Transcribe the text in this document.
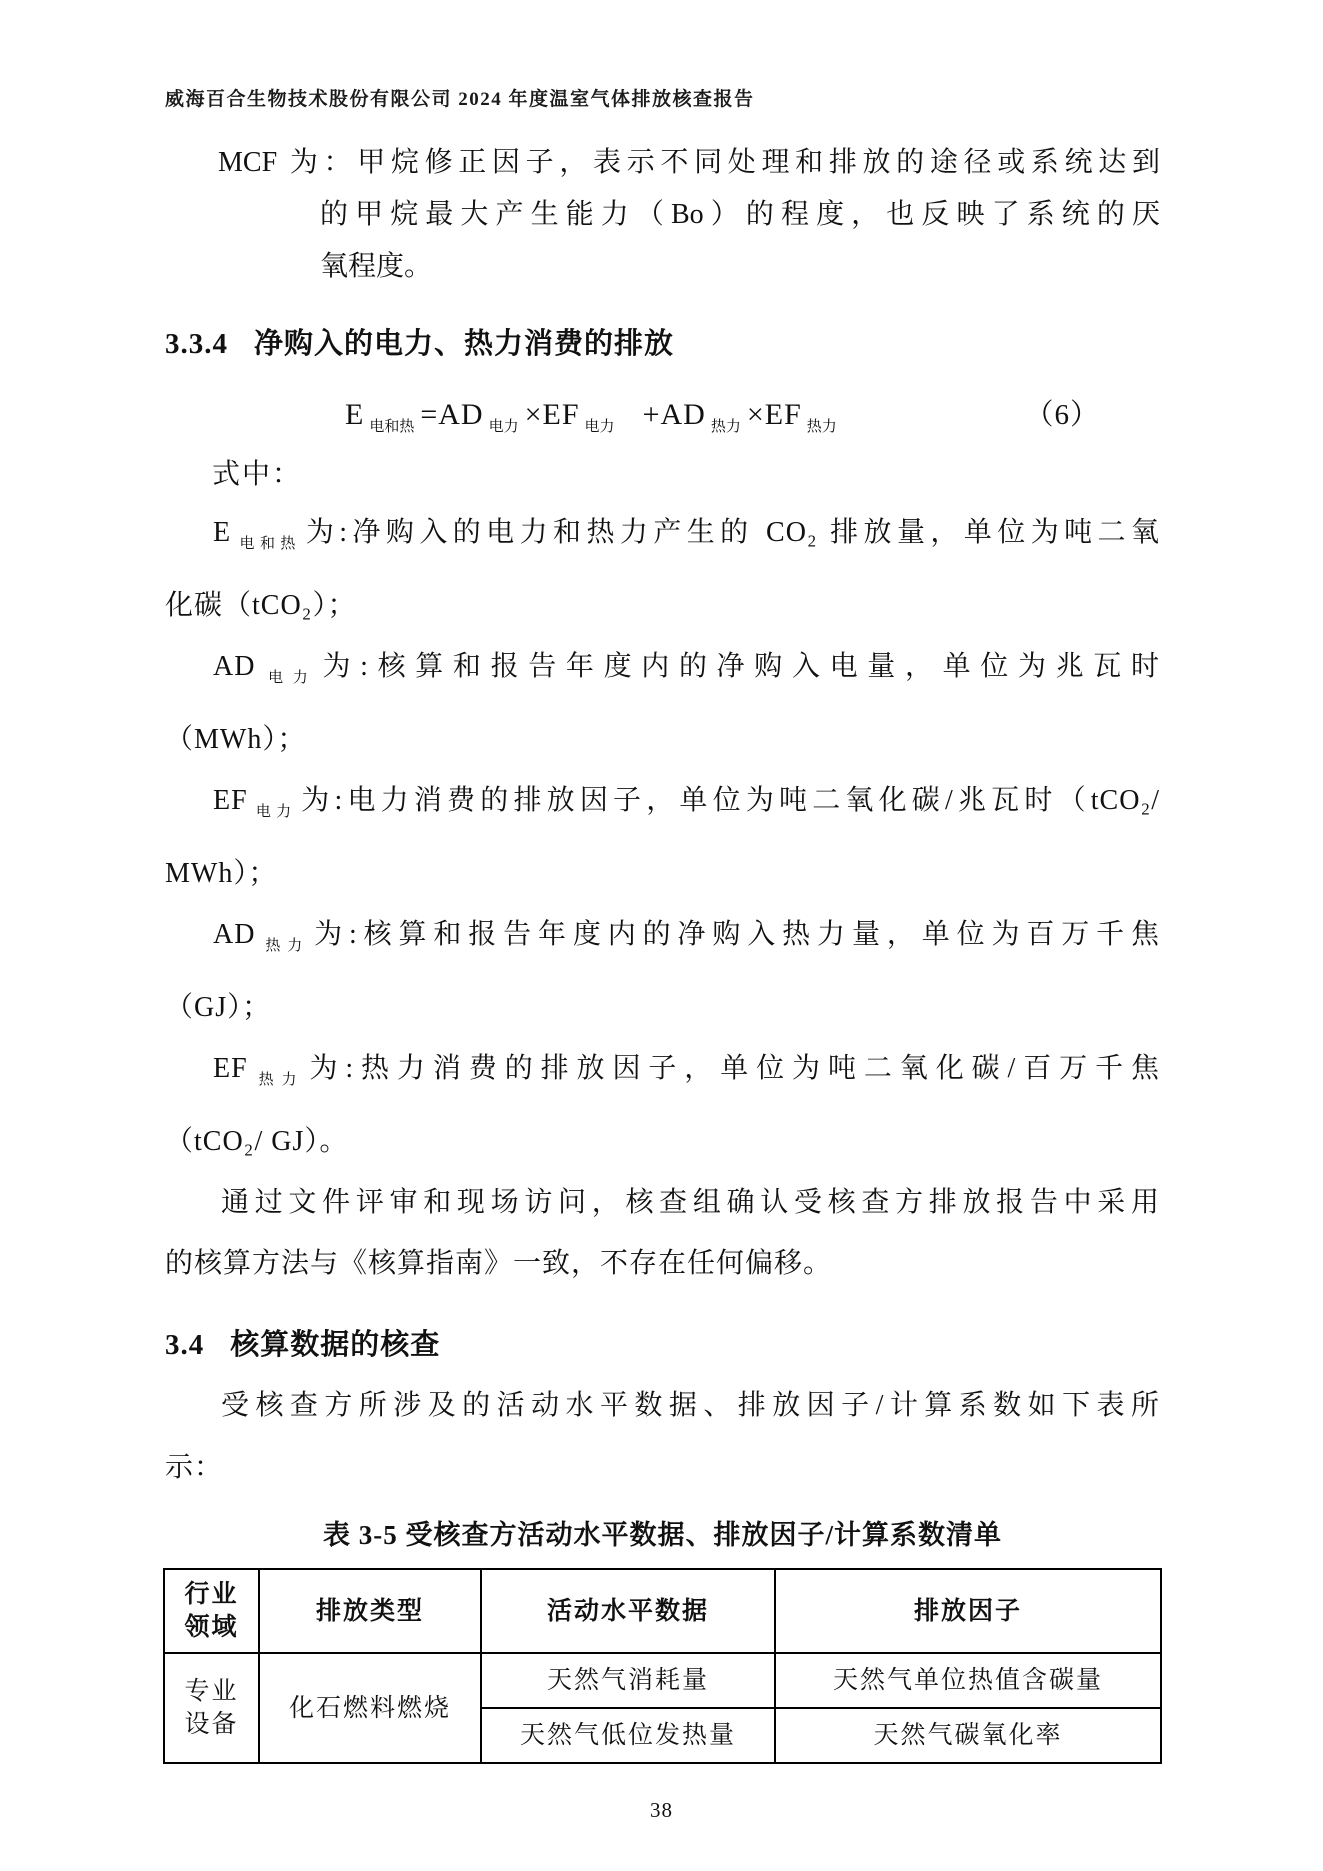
威海百合生物技术股份有限公司 2024 年度温室气体排放核查报告
MCF 为：甲烷修正因子，表示不同处理和排放的途径或系统达到
的甲烷最大产生能力（Bo）的程度，也反映了系统的厌
氧程度。
3.3.4 净购入的电力、热力消费的排放
E $_{电和热}$ =AD $_{电力}$ ×EF $_{电力}$ +AD $_{热力}$ ×EF $_{热力}$	（6）
式中：
E $_{电和热}$ 为:净购入的电力和热力产生的 CO₂ 排放量，单位为吨二氧
化碳（tCO₂）；
AD $_{电力}$ 为:核算和报告年度内的净购入电量，单位为兆瓦时
（MWh）；
EF $_{电力}$ 为:电力消费的排放因子，单位为吨二氧化碳/兆瓦时（tCO₂/
MWh）；
AD $_{热力}$ 为:核算和报告年度内的净购入热力量，单位为百万千焦
（GJ）；
EF $_{热力}$ 为:热力消费的排放因子，单位为吨二氧化碳/百万千焦
（tCO₂/ GJ）。
通过文件评审和现场访问，核查组确认受核查方排放报告中采用
的核算方法与《核算指南》一致，不存在任何偏移。
3.4 核算数据的核查
受核查方所涉及的活动水平数据、排放因子/计算系数如下表所
示：
表 3-5 受核查方活动水平数据、排放因子/计算系数清单
行业领域	排放类型	活动水平数据	排放因子
专业设备	化石燃料燃烧	天然气消耗量	天然气单位热值含碳量
		天然气低位发热量	天然气碳氧化率
38
